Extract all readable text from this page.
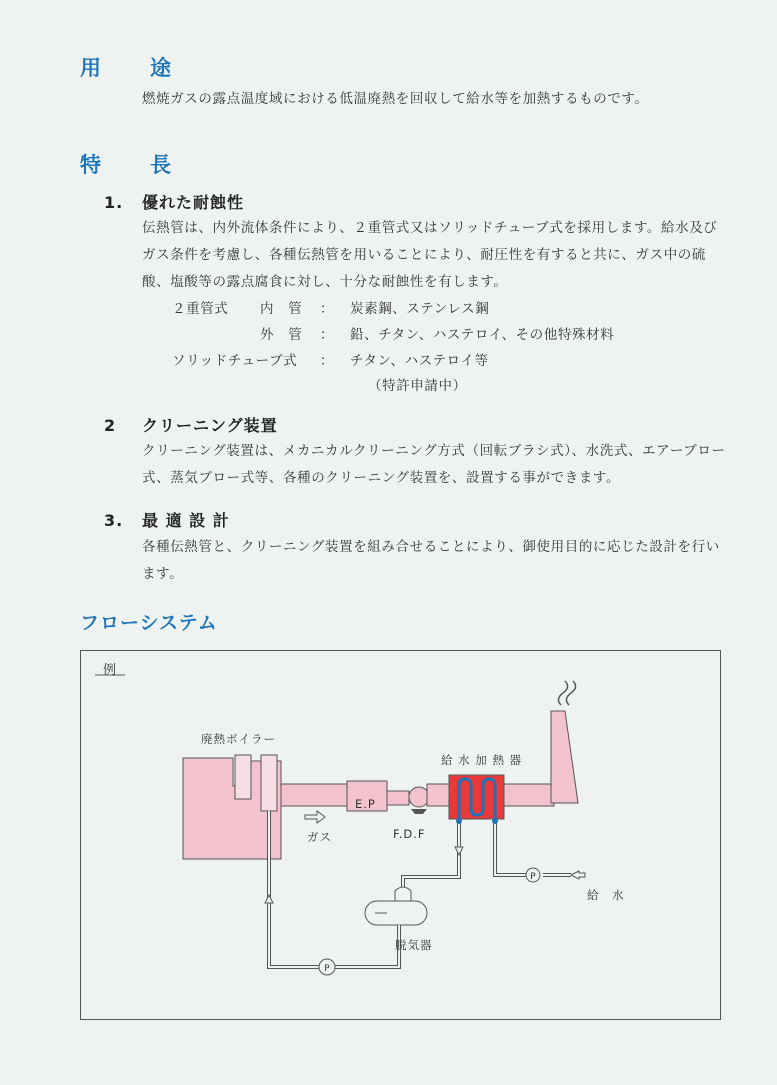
用 途

燃焼ガスの露点温度域における低温廃熱を回収して給水等を加熱するものです。

特 長
1. 優れた耐蝕性

伝熱管は、内外流体条件により、２重管式又はソリッドチューブ式を採用します。給水及びガス条件を考慮し、各種伝熱管を用いることにより、耐圧性を有すると共に、ガス中の硫酸、塩酸等の露点腐食に対し、十分な耐蝕性を有します。

２重管式 内　管 ： 炭素鋼、ステンレス鋼
外　管 ： 鉛、チタン、ハステロイ、その他特殊材料
ソリッドチューブ式 ： チタン、ハステロイ等
（特許申請中）
2 クリーニング装置

クリーニング装置は、メカニカルクリーニング方式（回転ブラシ式）、水洗式、エアーブロー式、蒸気ブロー式等、各種のクリーニング装置を、設置する事ができます。

3. 最 適 設 計

各種伝熱管と、クリーニング装置を組み合せることにより、御使用目的に応じた設計を行います。

フローシステム
P
P
例
廃熱ボイラー
給 水 加 熱 器
E.P
ガス	F.D.F
給　水
脱気器
